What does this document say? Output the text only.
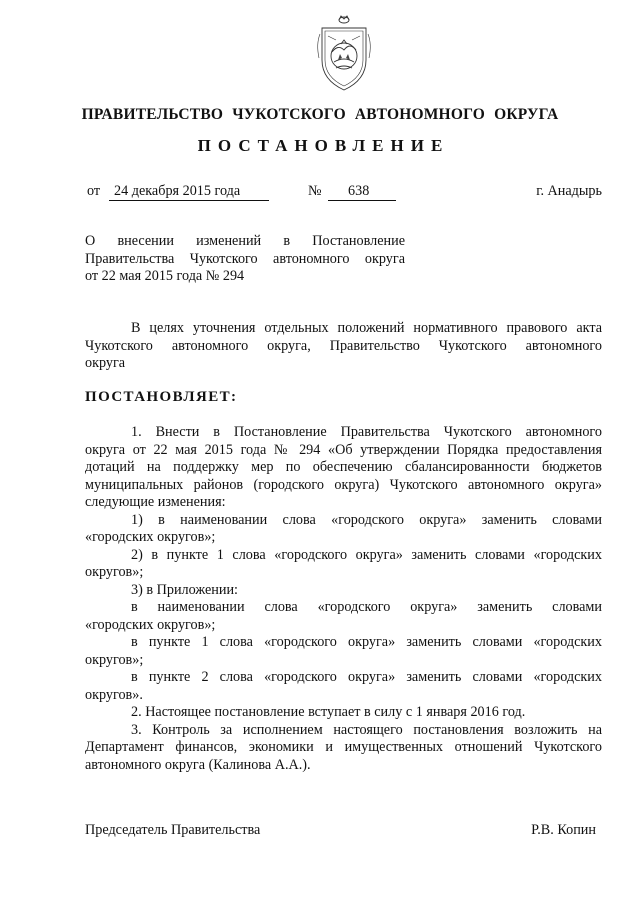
ПРАВИТЕЛЬСТВО ЧУКОТСКОГО АВТОНОМНОГО ОКРУГА
ПОСТАНОВЛЕНИЕ
от 24 декабря 2015 года	№	638	г. Анадырь
О внесении изменений в Постановление
Правительства Чукотского автономного округа
от 22 мая 2015 года № 294
В целях уточнения отдельных положений нормативного правового акта
Чукотского автономного округа, Правительство Чукотского автономного
округа
ПОСТАНОВЛЯЕТ:
1. Внести в Постановление Правительства Чукотского автономного
округа от 22 мая 2015 года № 294 «Об утверждении Порядка предоставления
дотаций на поддержку мер по обеспечению сбалансированности бюджетов
муниципальных районов (городского округа) Чукотского автономного округа»
следующие изменения:
1) в наименовании слова «городского округа» заменить словами
«городских округов»;
2) в пункте 1 слова «городского округа» заменить словами «городских
округов»;
3) в Приложении:
в наименовании слова «городского округа» заменить словами
«городских округов»;
в пункте 1 слова «городского округа» заменить словами «городских
округов»;
в пункте 2 слова «городского округа» заменить словами «городских
округов».
2. Настоящее постановление вступает в силу с 1 января 2016 год.
3. Контроль за исполнением настоящего постановления возложить на
Департамент финансов, экономики и имущественных отношений Чукотского
автономного округа (Калинова А.А.).
Председатель Правительства	Р.В. Копин
